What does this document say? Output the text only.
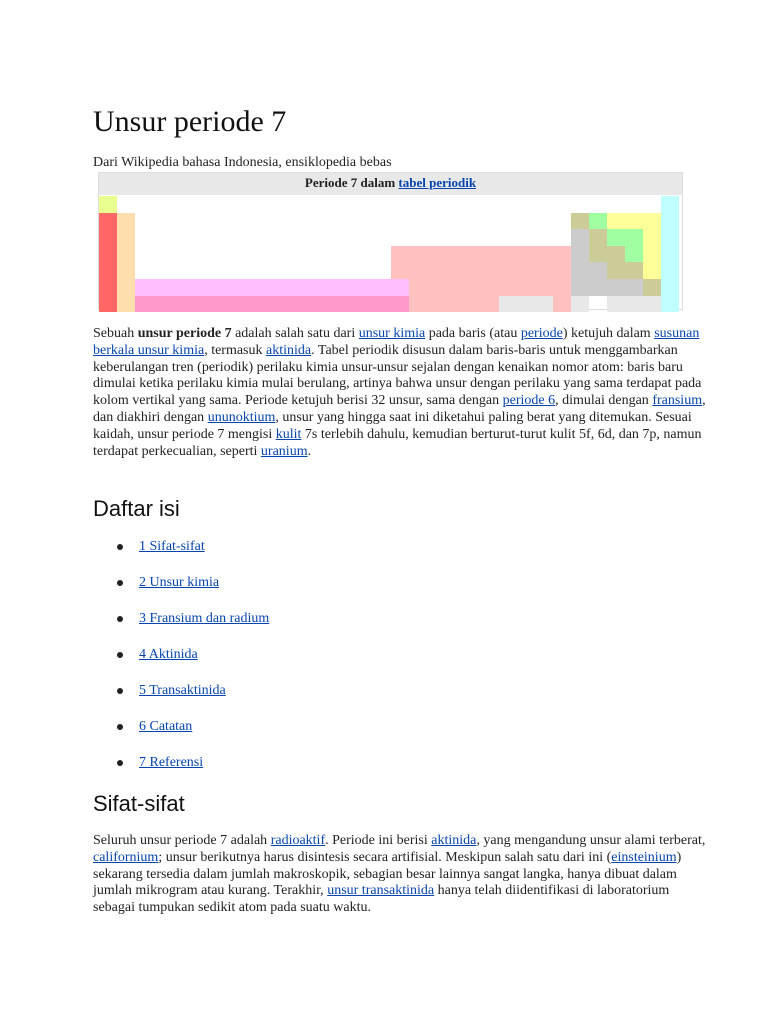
Unsur periode 7
Dari Wikipedia bahasa Indonesia, ensiklopedia bebas
Periode 7 dalam tabel periodik

Sebuah unsur periode 7 adalah salah satu dari unsur kimia pada baris (atau periode) ketujuh dalam susunan berkala unsur kimia, termasuk aktinida. Tabel periodik disusun dalam baris-baris untuk menggambarkan keberulangan tren (periodik) perilaku kimia unsur-unsur sejalan dengan kenaikan nomor atom: baris baru dimulai ketika perilaku kimia mulai berulang, artinya bahwa unsur dengan perilaku yang sama terdapat pada kolom vertikal yang sama. Periode ketujuh berisi 32 unsur, sama dengan periode 6, dimulai dengan fransium, dan diakhiri dengan ununoktium, unsur yang hingga saat ini diketahui paling berat yang ditemukan. Sesuai kaidah, unsur periode 7 mengisi kulit 7s terlebih dahulu, kemudian berturut-turut kulit 5f, 6d, dan 7p, namun terdapat perkecualian, seperti uranium.

Daftar isi
1 Sifat-sifat
2 Unsur kimia
3 Fransium dan radium
4 Aktinida
5 Transaktinida
6 Catatan
7 Referensi
Sifat-sifat

Seluruh unsur periode 7 adalah radioaktif. Periode ini berisi aktinida, yang mengandung unsur alami terberat, californium; unsur berikutnya harus disintesis secara artifisial. Meskipun salah satu dari ini (einsteinium) sekarang tersedia dalam jumlah makroskopik, sebagian besar lainnya sangat langka, hanya dibuat dalam jumlah mikrogram atau kurang. Terakhir, unsur transaktinida hanya telah diidentifikasi di laboratorium sebagai tumpukan sedikit atom pada suatu waktu.
